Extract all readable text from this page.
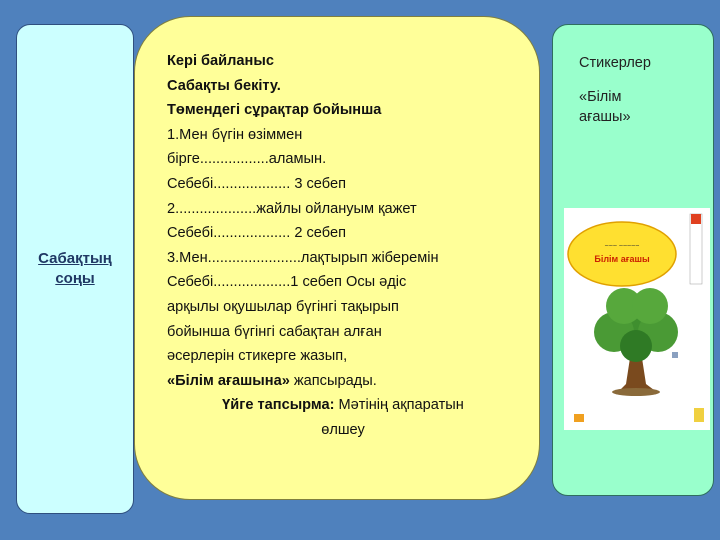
Сабақтың соңы
Кері байланыс
Сабақты бекіту.
Төмендегі сұрақтар бойынша
1.Мен бүгін өзіммен
бірге.................аламын.
Себебі................... 3 себеп
2....................жайлы ойлануым қажет
Себебі................... 2 себеп
3.Мен.......................лақтырып жіберемін
Себебі...................1 себеп Осы әдіс
арқылы оқушылар бүгінгі тақырып
бойынша бүгінгі сабақтан алған
әсерлерін стикерге жазып,
«Білім ағашына» жапсырады.
Үйге тапсырма: Мәтінің ақпаратын
өлшеу
Стикерлер
«Білім
ағашы»
~~~ ~~~~~
Білім ағашы
